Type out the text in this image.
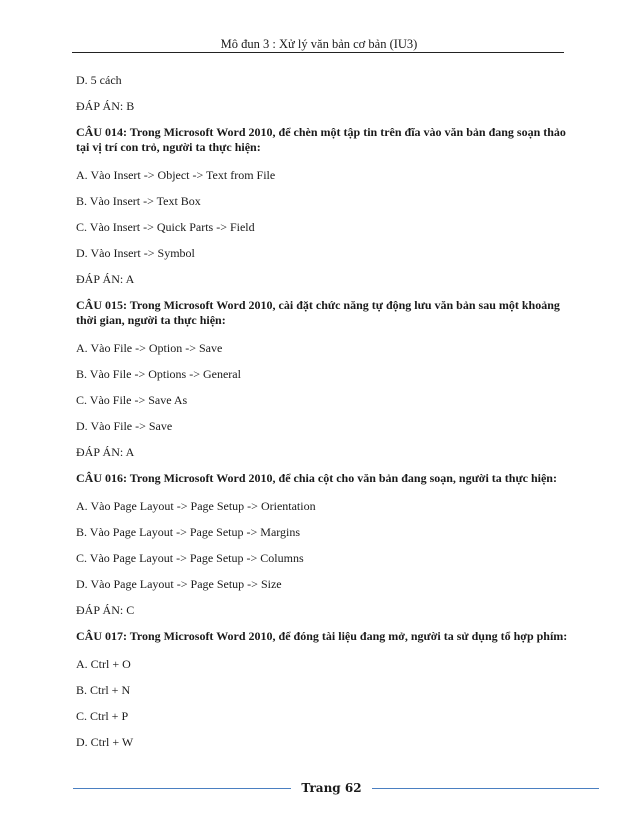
Mô đun 3 : Xử lý văn bản cơ bản (IU3)

D. 5 cách

ĐÁP ÁN: B

CÂU 014: Trong Microsoft Word 2010, để chèn một tập tin trên đĩa vào văn bản đang soạn thảo tại vị trí con trỏ, người ta thực hiện:

A. Vào Insert -> Object -> Text from File

B. Vào Insert -> Text Box

C. Vào Insert -> Quick Parts -> Field

D. Vào Insert -> Symbol

ĐÁP ÁN: A

CÂU 015: Trong Microsoft Word 2010, cài đặt chức năng tự động lưu văn bản sau một khoảng thời gian, người ta thực hiện:

A. Vào File -> Option -> Save

B. Vào File -> Options -> General

C. Vào File -> Save As

D. Vào File -> Save

ĐÁP ÁN: A

CÂU 016: Trong Microsoft Word 2010, để chia cột cho văn bản đang soạn, người ta thực hiện:

A. Vào Page Layout -> Page Setup -> Orientation

B. Vào Page Layout -> Page Setup -> Margins

C. Vào Page Layout -> Page Setup -> Columns

D. Vào Page Layout -> Page Setup -> Size

ĐÁP ÁN: C

CÂU 017: Trong Microsoft Word 2010, để đóng tài liệu đang mở, người ta sử dụng tổ hợp phím:

A. Ctrl + O

B. Ctrl + N

C. Ctrl + P

D. Ctrl + W

Trang 62
